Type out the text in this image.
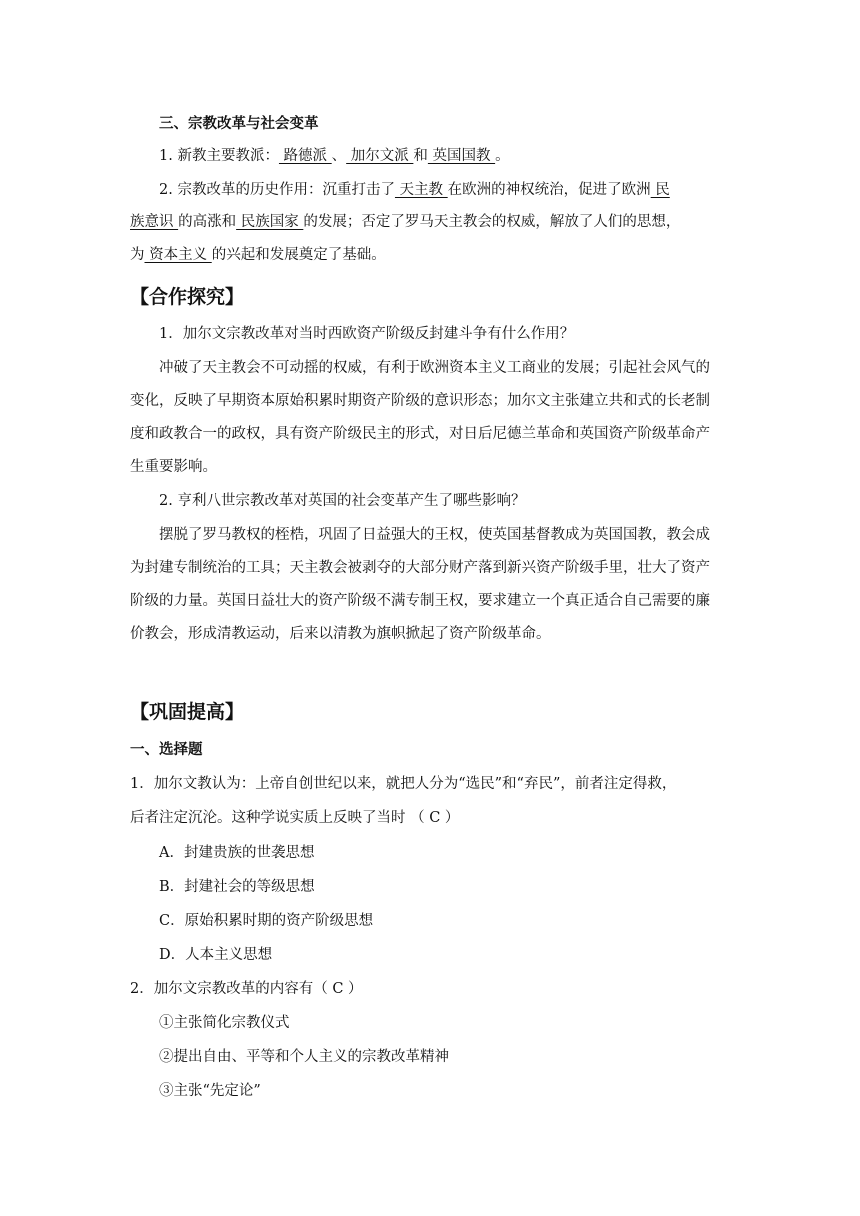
三、宗教改革与社会变革
1. 新教主要教派： 路德派 、 加尔文派 和 英国国教 。
2. 宗教改革的历史作用：沉重打击了 天主教 在欧洲的神权统治，促进了欧洲 民
族意识 的高涨和 民族国家 的发展；否定了罗马天主教会的权威，解放了人们的思想，
为 资本主义 的兴起和发展奠定了基础。
【合作探究】
1．加尔文宗教改革对当时西欧资产阶级反封建斗争有什么作用？
冲破了天主教会不可动摇的权威，有利于欧洲资本主义工商业的发展；引起社会风气的
变化，反映了早期资本原始积累时期资产阶级的意识形态；加尔文主张建立共和式的长老制
度和政教合一的政权，具有资产阶级民主的形式，对日后尼德兰革命和英国资产阶级革命产
生重要影响。
2. 亨利八世宗教改革对英国的社会变革产生了哪些影响？
摆脱了罗马教权的桎梏，巩固了日益强大的王权，使英国基督教成为英国国教，教会成
为封建专制统治的工具；天主教会被剥夺的大部分财产落到新兴资产阶级手里，壮大了资产
阶级的力量。英国日益壮大的资产阶级不满专制王权，要求建立一个真正适合自己需要的廉
价教会，形成清教运动，后来以清教为旗帜掀起了资产阶级革命。
【巩固提高】
一、选择题
1．加尔文教认为：上帝自创世纪以来，就把人分为“选民”和“弃民”，前者注定得救，
后者注定沉沦。这种学说实质上反映了当时 （ C ）
A．封建贵族的世袭思想
B．封建社会的等级思想
C．原始积累时期的资产阶级思想
D．人本主义思想
2．加尔文宗教改革的内容有（ C ）
①主张简化宗教仪式
②提出自由、平等和个人主义的宗教改革精神
③主张“先定论”
